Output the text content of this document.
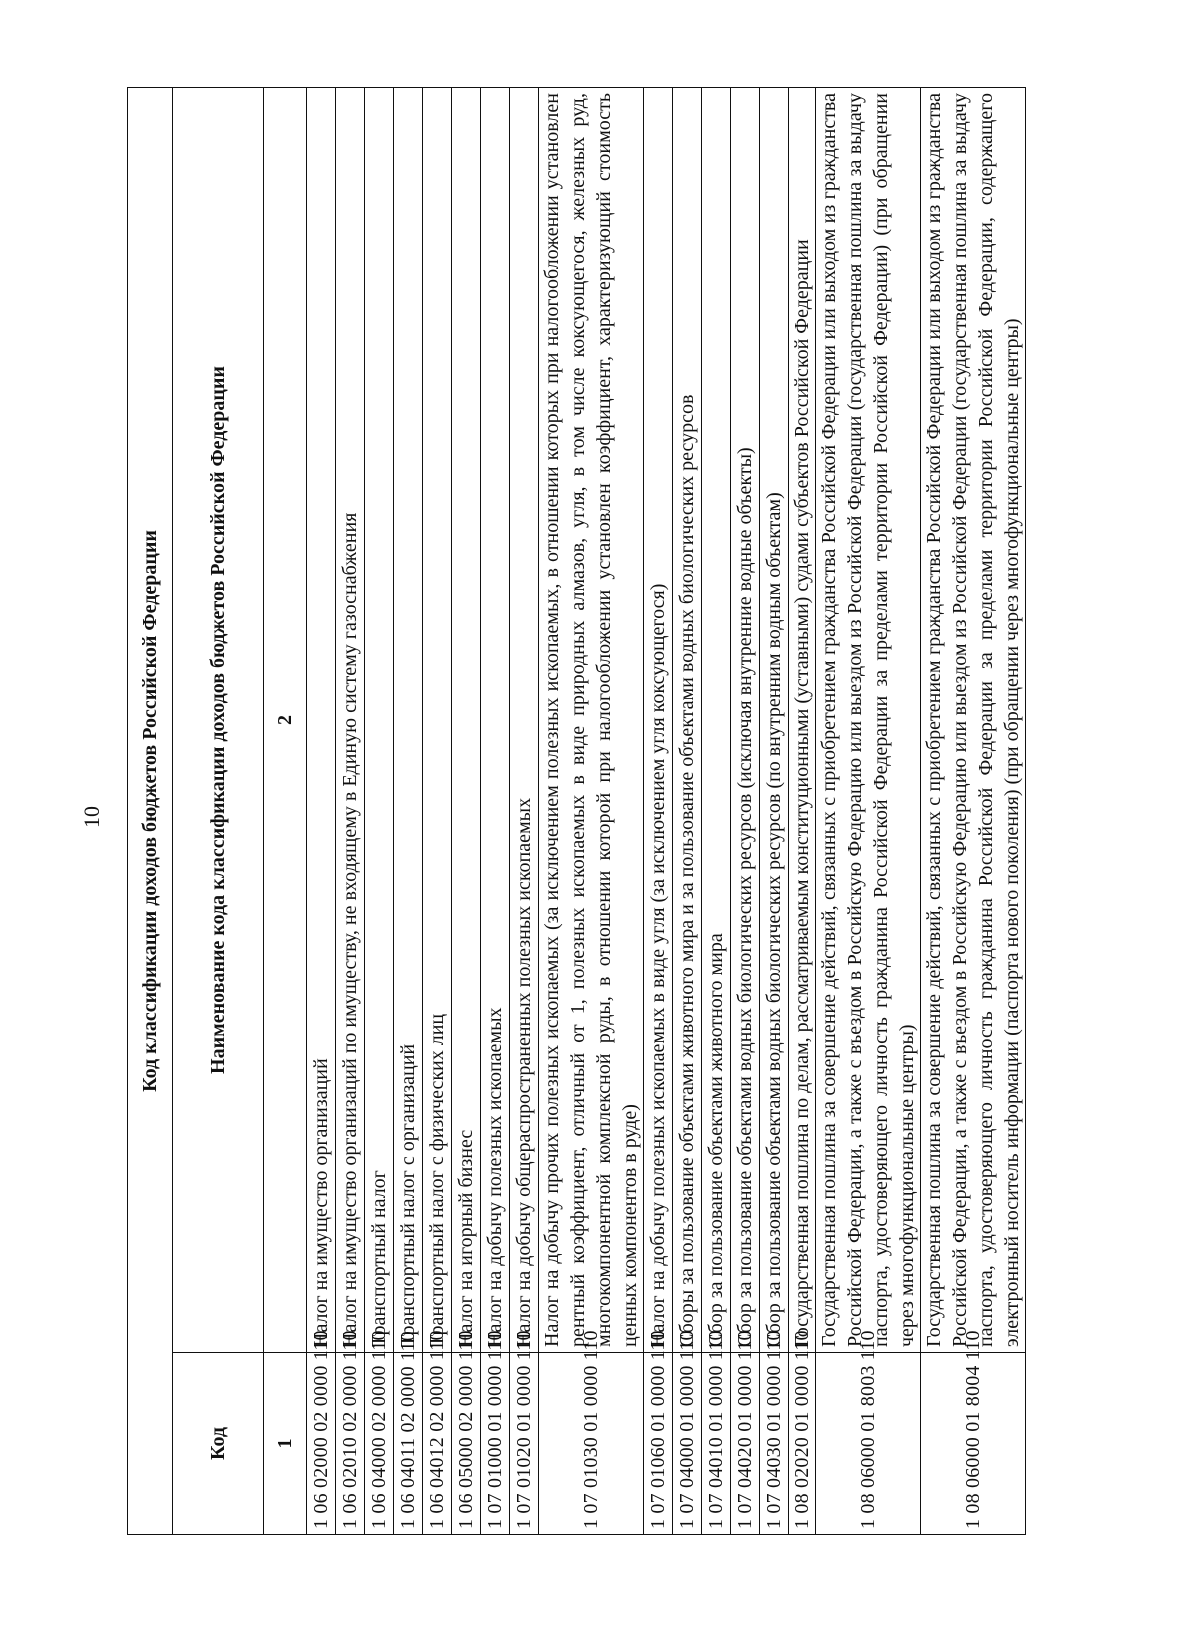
10	Код классификации доходов бюджетов Российской Федерации	
Код	Наименование кода классификации доходов бюджетов Российской Федерации
1	2
1 06 02000 02 0000 110	Налог на имущество организаций
1 06 02010 02 0000 110	Налог на имущество организаций по имуществу, не входящему в Единую систему газоснабжения
1 06 04000 02 0000 110	Транспортный налог
1 06 04011 02 0000 110	Транспортный налог с организаций
1 06 04012 02 0000 110	Транспортный налог с физических лиц
1 06 05000 02 0000 110	Налог на игорный бизнес
1 07 01000 01 0000 110	Налог на добычу полезных ископаемых
1 07 01020 01 0000 110	Налог на добычу общераспространенных полезных ископаемых
1 07 01030 01 0000 110	Налог на добычу прочих полезных ископаемых (за исключением полезных ископаемых, в отношении которых при налогообложении установлен рентный коэффициент, отличный от 1, полезных ископаемых в виде природных алмазов, угля, в том числе коксующегося, железных руд, многокомпонентной комплексной руды, в отношении которой при налогообложении установлен коэффициент, характеризующий стоимость ценных компонентов в руде)
1 07 01060 01 0000 110	Налог на добычу полезных ископаемых в виде угля (за исключением угля коксующегося)
1 07 04000 01 0000 110	Сборы за пользование объектами животного мира и за пользование объектами водных биологических ресурсов
1 07 04010 01 0000 110	Сбор за пользование объектами животного мира
1 07 04020 01 0000 110	Сбор за пользование объектами водных биологических ресурсов (исключая внутренние водные объекты)
1 07 04030 01 0000 110	Сбор за пользование объектами водных биологических ресурсов (по внутренним водным объектам)
1 08 02020 01 0000 110	Государственная пошлина по делам, рассматриваемым конституционными (уставными) судами субъектов Российской Федерации
1 08 06000 01 8003 110	Государственная пошлина за совершение действий, связанных с приобретением гражданства Российской Федерации или выходом из гражданства Российской Федерации, а также с въездом в Российскую Федерацию или выездом из Российской Федерации (государственная пошлина за выдачу паспорта, удостоверяющего личность гражданина Российской Федерации за пределами территории Российской Федерации) (при обращении через многофункциональные центры)
1 08 06000 01 8004 110	Государственная пошлина за совершение действий, связанных с приобретением гражданства Российской Федерации или выходом из гражданства Российской Федерации, а также с въездом в Российскую Федерацию или выездом из Российской Федерации (государственная пошлина за выдачу паспорта, удостоверяющего личность гражданина Российской Федерации за пределами территории Российской Федерации, содержащего электронный носитель информации (паспорта нового поколения) (при обращении через многофункциональные центры)
